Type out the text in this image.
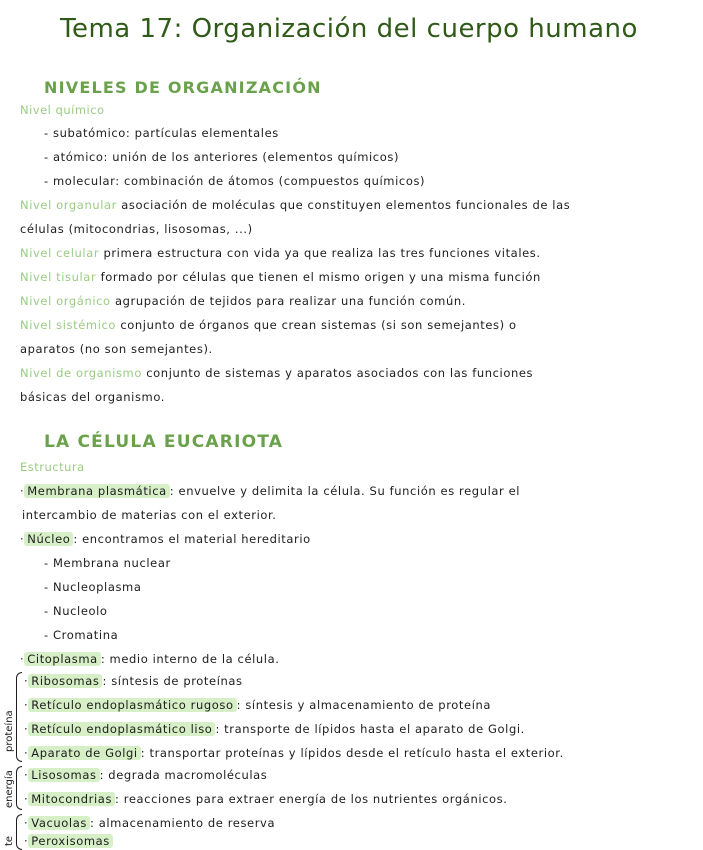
Tema 17: Organización del cuerpo humano
NIVELES DE ORGANIZACIÓN
Nivel químico
- subatómico: partículas elementales
- atómico: unión de los anteriores (elementos químicos)
- molecular: combinación de átomos (compuestos químicos)
Nivel organular asociación de moléculas que constituyen elementos funcionales de las
células (mitocondrias, lisosomas, ...)
Nivel celular primera estructura con vida ya que realiza las tres funciones vitales.
Nivel tisular formado por células que tienen el mismo origen y una misma función
Nivel orgánico agrupación de tejidos para realizar una función común.
Nivel sistémico conjunto de órganos que crean sistemas (si son semejantes) o
aparatos (no son semejantes).
Nivel de organismo conjunto de sistemas y aparatos asociados con las funciones
básicas del organismo.
LA CÉLULA EUCARIOTA
Estructura
· Membrana plasmática : envuelve y delimita la célula. Su función es regular el
intercambio de materias con el exterior.
· Núcleo : encontramos el material hereditario
- Membrana nuclear
- Nucleoplasma
- Nucleolo
- Cromatina
· Citoplasma : medio interno de la célula.
proteína
· Ribosomas : síntesis de proteínas
· Retículo endoplasmático rugoso : síntesis y almacenamiento de proteína
· Retículo endoplasmático liso : transporte de lípidos hasta el aparato de Golgi.
· Aparato de Golgi : transportar proteínas y lípidos desde el retículo hasta el exterior.
energía · Lisosomas : degrada macromoléculas
· Mitocondrias : reacciones para extraer energía de los nutrientes orgánicos.
te
· Vacuolas : almacenamiento de reserva
· Peroxisomas
